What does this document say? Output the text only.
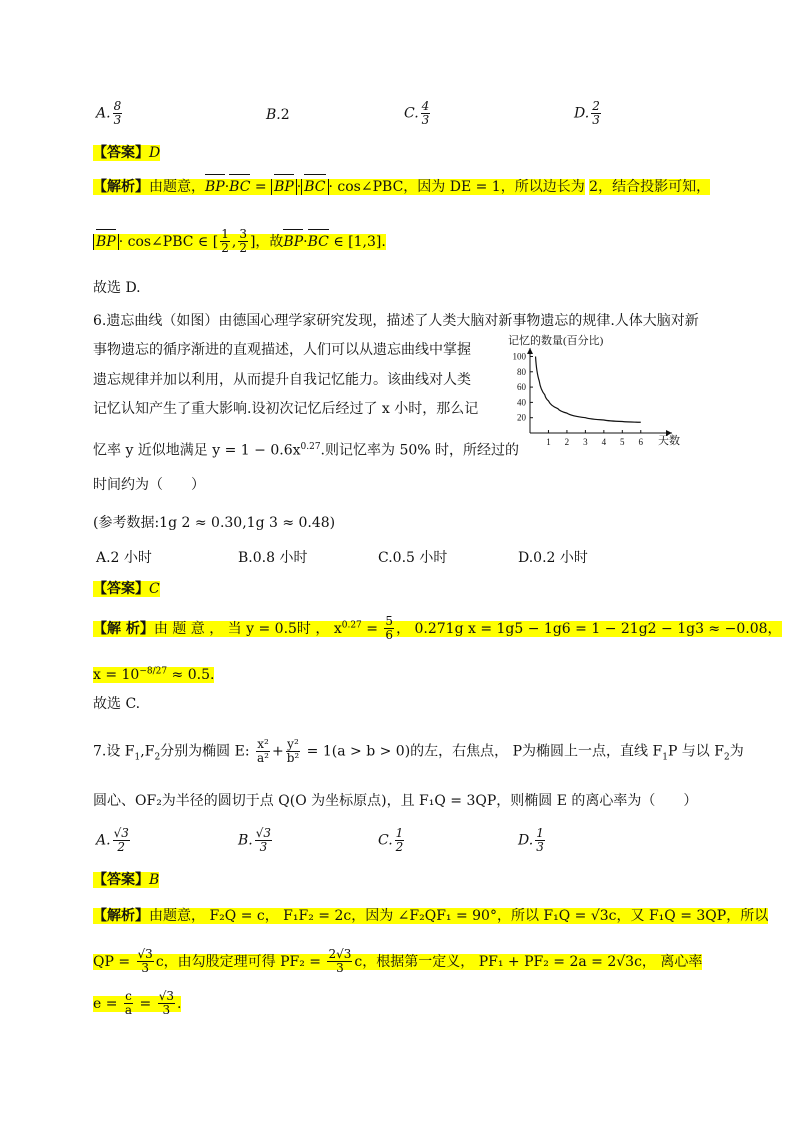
A. $\frac{8}{3}$	B.2	C. $\frac{4}{3}$	D. $\frac{2}{3}$
【答案】D
【解析】由题意，BP·BC = BP · BC · cos∠PBC，因为 DE = 1，所以边长为 2，结合投影可知，
BP · cos∠PBC ∈ [ $\frac{1}{2}$ , $\frac{3}{2}$ ]，故BP·BC ∈ [1,3].
故选 D.
6.遗忘曲线（如图）由德国心理学家研究发现，描述了人类大脑对新事物遗忘的规律.人体大脑对新
事物遗忘的循序渐进的直观描述，人们可以从遗忘曲线中掌握
遗忘规律并加以利用，从而提升自我记忆能力。该曲线对人类
记忆认知产生了重大影响.设初次记忆后经过了 x 小时，那么记
忆率 y 近似地满足 $y = 1 - 0.6x^{0.27}$.则记忆率为 50% 时，所经过的
时间约为（　　）
记忆的数量(百分比)
天数
1 2 3 4 5 6
20
40
60
80
100
(参考数据:1g 2 ≈ 0.30,1g 3 ≈ 0.48)
A.2 小时	B.0.8 小时	C.0.5 小时	D.0.2 小时
【答案】C
【解 析】由 题 意 ， 当 y = 0.5时 ， $x^{0.27} = \frac{5}{6}$ ， 0.271g x = 1g5 − 1g6 = 1 − 21g2 − 1g3 ≈ −0.08，
$x = 10^{-8/27} \approx 0.5$.
故选 C.
7.设 $F_1,F_2$分别为椭圆 E: $\frac{\text{x²}}{\text{a²}} + \frac{\text{y²}}{\text{b²}} = 1(a > b > 0)$的左，右焦点， P为椭圆上一点，直线 $F_1P$ 与以 $F_2$为
圆心、OF₂为半径的圆切于点 Q(O 为坐标原点)，且 F₁Q = 3QP，则椭圆 E 的离心率为（　　）
A. $\frac{√3}{2}$	B. $\frac{√3}{3}$	C. $\frac{1}{2}$	D. $\frac{1}{3}$
【答案】B
【解析】由题意， F₂Q = c， F₁F₂ = 2c，因为 ∠F₂QF₁ = 90°，所以 F₁Q = √3c，又 F₁Q = 3QP，所以
QP = $\frac{√3}{3}$ c，由勾股定理可得 $PF_2 = \frac{2√3}{3}$ c，根据第一定义， PF₁ + PF₂ = 2a = 2√3c， 离心率
$e = \frac{c}{a} = \frac{√3}{3}$ .
